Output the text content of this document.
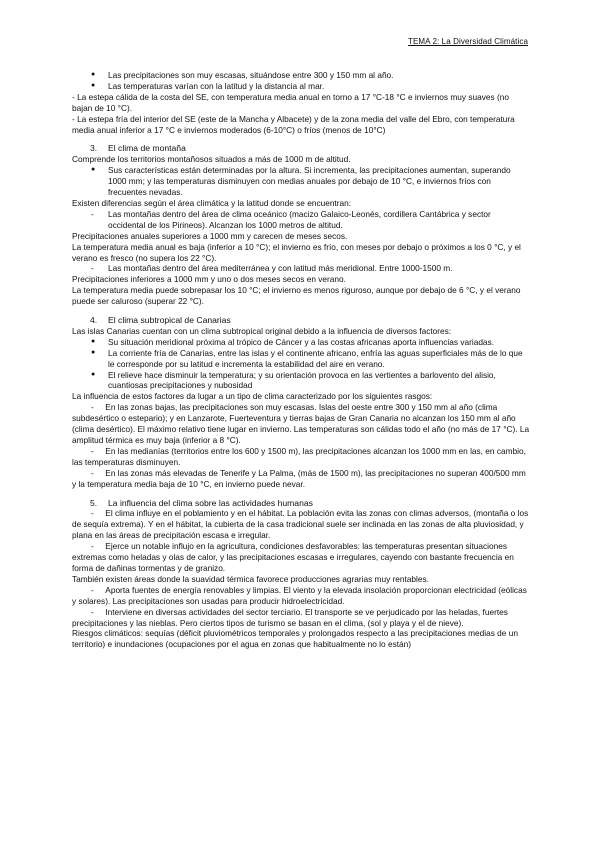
TEMA 2: La Diversidad Climática
● Las precipitaciones son muy escasas, situándose entre 300 y 150 mm al año.
● Las temperaturas varían con la latitud y la distancia al mar.

- La estepa cálida de la costa del SE, con temperatura media anual en torno a 17 °C-18 °C e inviernos muy suaves (no bajan de 10 °C).

- La estepa fría del interior del SE (este de la Mancha y Albacete) y de la zona media del valle del Ebro, con temperatura media anual inferior a 17 °C e inviernos moderados (6-10°C) o fríos (menos de 10°C)

3. El clima de montaña

Comprende los territorios montañosos situados a más de 1000 m de altitud.

● Sus características están determinadas por la altura. Si incrementa, las precipitaciones aumentan, superando 1000 mm; y las temperaturas disminuyen con medias anuales por debajo de 10 °C, e inviernos fríos con frecuentes nevadas.

Existen diferencias según el área climática y la latitud donde se encuentran:

- Las montañas dentro del área de clima oceánico (macizo Galaico-Leonés, cordillera Cantábrica y sector occidental de los Pirineos). Alcanzan los 1000 metros de altitud.

Precipitaciones anuales superiores a 1000 mm y carecen de meses secos.

La temperatura media anual es baja (inferior a 10 °C); el invierno es frío, con meses por debajo o próximos a los 0 °C, y el verano es fresco (no supera los 22 °C).

- Las montañas dentro del área mediterránea y con latitud más meridional. Entre 1000-1500 m.

Precipitaciones inferiores a 1000 mm y uno o dos meses secos en verano.

La temperatura media puede sobrepasar los 10 °C; el invierno es menos riguroso, aunque por debajo de 6 °C, y el verano puede ser caluroso (superar 22 °C).

4. El clima subtropical de Canarias

Las islas Canarias cuentan con un clima subtropical original debido a la influencia de diversos factores:

● Su situación meridional próxima al trópico de Cáncer y a las costas africanas aporta influencias variadas.
● La corriente fría de Canarias, entre las islas y el continente africano, enfría las aguas superficiales más de lo que le corresponde por su latitud e incrementa la estabilidad del aire en verano.
● El relieve hace disminuir la temperatura; y su orientación provoca en las vertientes a barlovento del alisio, cuantiosas precipitaciones y nubosidad

La influencia de estos factores da lugar a un tipo de clima caracterizado por los siguientes rasgos:

-     En las zonas bajas, las precipitaciones son muy escasas. Islas del oeste entre 300 y 150 mm al año (clima subdesértico o estepario); y en Lanzarote, Fuerteventura y tierras bajas de Gran Canaria no alcanzan los 150 mm al año (clima desértico). El máximo relativo tiene lugar en invierno. Las temperaturas son cálidas todo el año (no más de 17 °C). La amplitud térmica es muy baja (inferior a 8 °C).

-     En las medianías (territorios entre los 600 y 1500 m), las precipitaciones alcanzan los 1000 mm en las, en cambio, las temperaturas disminuyen.

-     En las zonas más elevadas de Tenerife y La Palma, (más de 1500 m), las precipitaciones no superan 400/500 mm y la temperatura media baja de 10 °C, en invierno puede nevar.

5. La influencia del clima sobre las actividades humanas

-     El clima influye en el poblamiento y en el hábitat. La población evita las zonas con climas adversos, (montaña o los de sequía extrema). Y en el hábitat, la cubierta de la casa tradicional suele ser inclinada en las zonas de alta pluviosidad, y plana en las áreas de precipitación escasa e irregular.

-     Ejerce un notable influjo en la agricultura, condiciones desfavorables: las temperaturas presentan situaciones extremas como heladas y olas de calor, y las precipitaciones escasas e irregulares, cayendo con bastante frecuencia en forma de dañinas tormentas y de granizo.

También existen áreas donde la suavidad térmica favorece producciones agrarias muy rentables.

-     Aporta fuentes de energía renovables y limpias. El viento y la elevada insolación proporcionan electricidad (eólicas y solares). Las precipitaciones son usadas para producir hidroelectricidad.

-     Interviene en diversas actividades del sector terciario. El transporte se ve perjudicado por las heladas, fuertes precipitaciones y las nieblas. Pero ciertos tipos de turismo se basan en el clima, (sol y playa y el de nieve).

Riesgos climáticos: sequías (déficit pluviométricos temporales y prolongados respecto a las precipitaciones medias de un territorio) e inundaciones (ocupaciones por el agua en zonas que habitualmente no lo están)
